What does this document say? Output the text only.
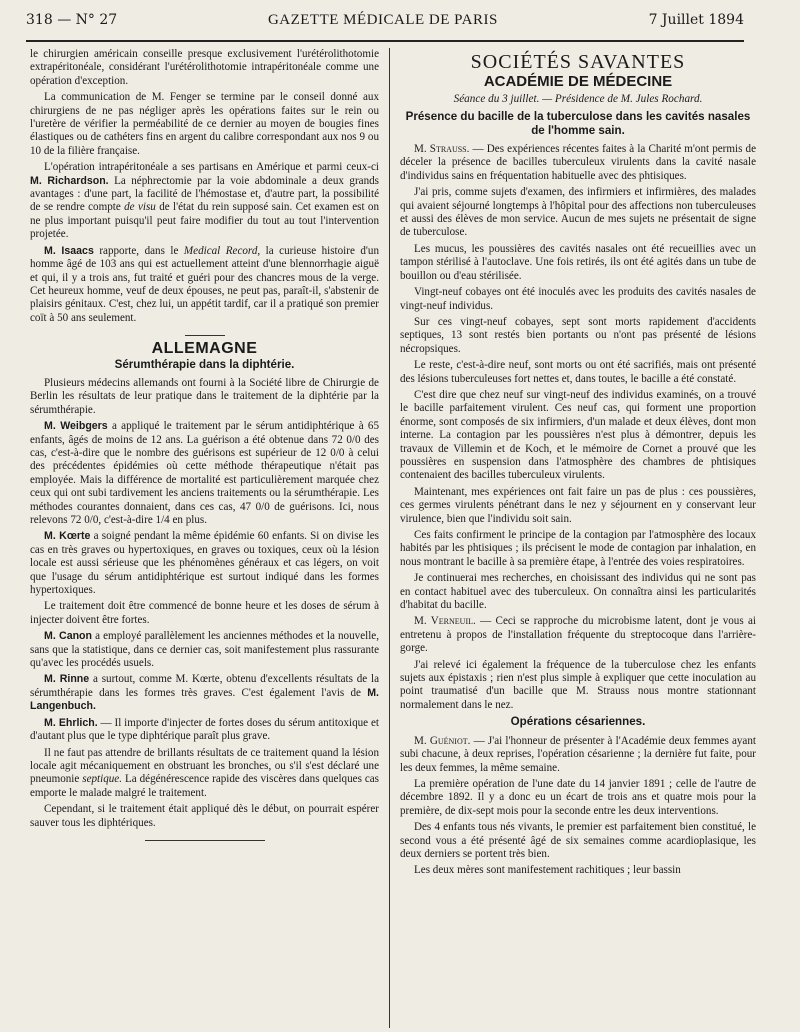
318 — N° 27	GAZETTE MÉDICALE DE PARIS	7 Juillet 1894

le chirurgien américain conseille presque exclusivement l'urétérolithotomie extrapéritonéale, considérant l'urétérolithotomie intrapéritonéale comme une opération d'exception.

La communication de M. Fenger se termine par le conseil donné aux chirurgiens de ne pas négliger après les opérations faites sur le rein ou l'uretère de vérifier la perméabilité de ce dernier au moyen de bougies fines élastiques ou de cathéters fins en argent du calibre correspondant aux nos 9 ou 10 de la filière française.

L'opération intrapéritonéale a ses partisans en Amérique et parmi ceux-ci M. Richardson. La néphrectomie par la voie abdominale a deux grands avantages : d'une part, la facilité de l'hémostase et, d'autre part, la possibilité de se rendre compte de visu de l'état du rein supposé sain. Cet examen est on ne plus important puisqu'il peut faire modifier du tout au tout l'intervention projetée.

M. Isaacs rapporte, dans le Medical Record, la curieuse histoire d'un homme âgé de 103 ans qui est actuellement atteint d'une blennorrhagie aiguë et qui, il y a trois ans, fut traité et guéri pour des chancres mous de la verge. Cet heureux homme, veuf de deux épouses, ne peut pas, paraît-il, s'abstenir de plaisirs génitaux. C'est, chez lui, un appétit tardif, car il a pratiqué son premier coït à 50 ans seulement.

ALLEMAGNE
Sérumthérapie dans la diphtérie.

Plusieurs médecins allemands ont fourni à la Société libre de Chirurgie de Berlin les résultats de leur pratique dans le traitement de la diphtérie par la sérumthérapie.

M. Weibgers a appliqué le traitement par le sérum antidiphtérique à 65 enfants, âgés de moins de 12 ans. La guérison a été obtenue dans 72 0/0 des cas, c'est-à-dire que le nombre des guérisons est supérieur de 12 0/0 à celui des précédentes épidémies où cette méthode thérapeutique n'était pas employée. Mais la différence de mortalité est particulièrement marquée chez ceux qui ont subi tardivement les anciens traitements ou la sérumthérapie. Les méthodes courantes donnaient, dans ces cas, 47 0/0 de guérisons. Ici, nous relevons 72 0/0, c'est-à-dire 1/4 en plus.

M. Kœrte a soigné pendant la même épidémie 60 enfants. Si on divise les cas en très graves ou hypertoxiques, en graves ou toxiques, ceux où la lésion locale est aussi sérieuse que les phénomènes généraux et cas légers, on voit que l'usage du sérum antidiphtérique est surtout indiqué dans les formes hypertoxiques.

Le traitement doit être commencé de bonne heure et les doses de sérum à injecter doivent être fortes.

M. Canon a employé parallèlement les anciennes méthodes et la nouvelle, sans que la statistique, dans ce dernier cas, soit manifestement plus rassurante qu'avec les procédés usuels.

M. Rinne a surtout, comme M. Kœrte, obtenu d'excellents résultats de la sérumthérapie dans les formes très graves. C'est également l'avis de M. Langenbuch.

M. Ehrlich. — Il importe d'injecter de fortes doses du sérum antitoxique et d'autant plus que le type diphtérique paraît plus grave.

Il ne faut pas attendre de brillants résultats de ce traitement quand la lésion locale agit mécaniquement en obstruant les bronches, ou s'il s'est déclaré une pneumonie septique. La dégénérescence rapide des viscères dans quelques cas emporte le malade malgré le traitement.

Cependant, si le traitement était appliqué dès le début, on pourrait espérer sauver tous les diphtériques.

SOCIÉTÉS SAVANTES
ACADÉMIE DE MÉDECINE
Séance du 3 juillet. — Présidence de M. Jules Rochard.
Présence du bacille de la tuberculose dans les cavités nasales de l'homme sain.

M. Strauss. — Des expériences récentes faites à la Charité m'ont permis de déceler la présence de bacilles tuberculeux virulents dans la cavité nasale d'individus sains en fréquentation habituelle avec des phtisiques.

J'ai pris, comme sujets d'examen, des infirmiers et infirmières, des malades qui avaient séjourné longtemps à l'hôpital pour des affections non tuberculeuses et aussi des élèves de mon service. Aucun de mes sujets ne présentait de signe de tuberculose.

Les mucus, les poussières des cavités nasales ont été recueillies avec un tampon stérilisé à l'autoclave. Une fois retirés, ils ont été agités dans un tube de bouillon ou d'eau stérilisée.

Vingt-neuf cobayes ont été inoculés avec les produits des cavités nasales de vingt-neuf individus.

Sur ces vingt-neuf cobayes, sept sont morts rapidement d'accidents septiques, 13 sont restés bien portants ou n'ont pas présenté de lésions nécropsiques.

Le reste, c'est-à-dire neuf, sont morts ou ont été sacrifiés, mais ont présenté des lésions tuberculeuses fort nettes et, dans toutes, le bacille a été constaté.

C'est dire que chez neuf sur vingt-neuf des individus examinés, on a trouvé le bacille parfaitement virulent. Ces neuf cas, qui forment une proportion énorme, sont composés de six infirmiers, d'un malade et deux élèves, dont mon interne. La contagion par les poussières n'est plus à démontrer, depuis les travaux de Villemin et de Koch, et le mémoire de Cornet a prouvé que les poussières en suspension dans l'atmosphère des chambres de phtisiques contenaient des bacilles tuberculeux virulents.

Maintenant, mes expériences ont fait faire un pas de plus : ces poussières, ces germes virulents pénétrant dans le nez y séjournent en y conservant leur virulence, bien que l'individu soit sain.

Ces faits confirment le principe de la contagion par l'atmosphère des locaux habités par les phtisiques ; ils précisent le mode de contagion par inhalation, en nous montrant le bacille à sa première étape, à l'entrée des voies respiratoires.

Je continuerai mes recherches, en choisissant des individus qui ne sont pas en contact habituel avec des tuberculeux. On connaîtra ainsi les particularités d'habitat du bacille.

M. Verneuil. — Ceci se rapproche du microbisme latent, dont je vous ai entretenu à propos de l'installation fréquente du streptocoque dans l'arrière-gorge.

J'ai relevé ici également la fréquence de la tuberculose chez les enfants sujets aux épistaxis ; rien n'est plus simple à expliquer que cette inoculation au point traumatisé d'un bacille que M. Strauss nous montre stationnant normalement dans le nez.

Opérations césariennes.

M. Guéniot. — J'ai l'honneur de présenter à l'Académie deux femmes ayant subi chacune, à deux reprises, l'opération césarienne ; la dernière fut faite, pour les deux femmes, la même semaine.

La première opération de l'une date du 14 janvier 1891 ; celle de l'autre de décembre 1892. Il y a donc eu un écart de trois ans et quatre mois pour la première, de dix-sept mois pour la seconde entre les deux interventions.

Des 4 enfants tous nés vivants, le premier est parfaitement bien constitué, le second vous a été présenté âgé de six semaines comme acardioplasique, les deux derniers se portent très bien.

Les deux mères sont manifestement rachitiques ; leur bassin
